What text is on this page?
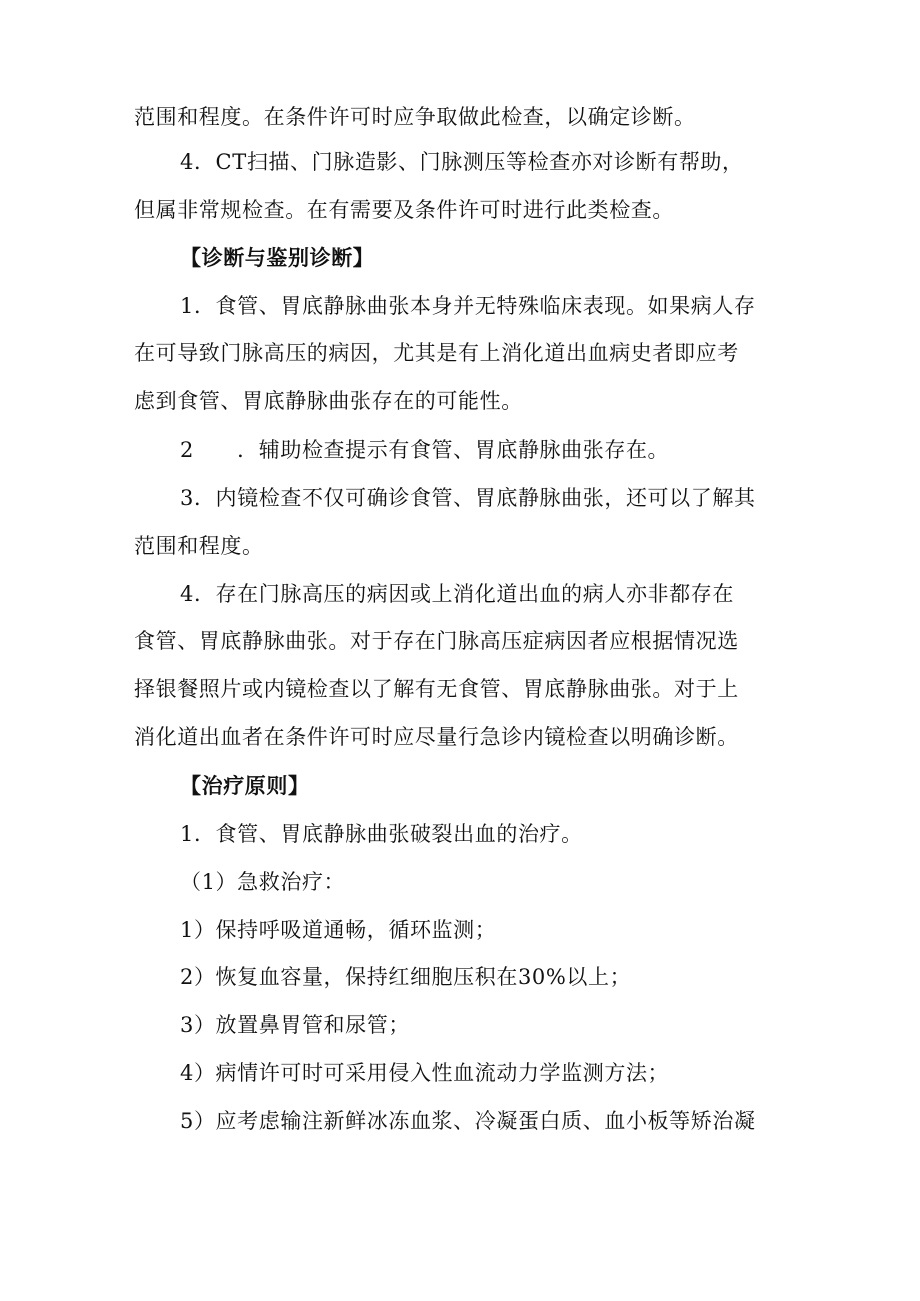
范围和程度。在条件许可时应争取做此检查，以确定诊断。
4．CT扫描、门脉造影、门脉测压等检查亦对诊断有帮助，
但属非常规检查。在有需要及条件许可时进行此类检查。
【诊断与鉴别诊断】
1．食管、胃底静脉曲张本身并无特殊临床表现。如果病人存
在可导致门脉高压的病因，尤其是有上消化道出血病史者即应考
虑到食管、胃底静脉曲张存在的可能性。
2　　．辅助检查提示有食管、胃底静脉曲张存在。
3．内镜检查不仅可确诊食管、胃底静脉曲张，还可以了解其
范围和程度。
4．存在门脉高压的病因或上消化道出血的病人亦非都存在
食管、胃底静脉曲张。对于存在门脉高压症病因者应根据情况选
择银餐照片或内镜检查以了解有无食管、胃底静脉曲张。对于上
消化道出血者在条件许可时应尽量行急诊内镜检查以明确诊断。
【治疗原则】
1．食管、胃底静脉曲张破裂出血的治疗。
（1）急救治疗：
1）保持呼吸道通畅，循环监测；
2）恢复血容量，保持红细胞压积在30%以上；
3）放置鼻胃管和尿管；
4）病情许可时可采用侵入性血流动力学监测方法；
5）应考虑输注新鲜冰冻血浆、冷凝蛋白质、血小板等矫治凝
